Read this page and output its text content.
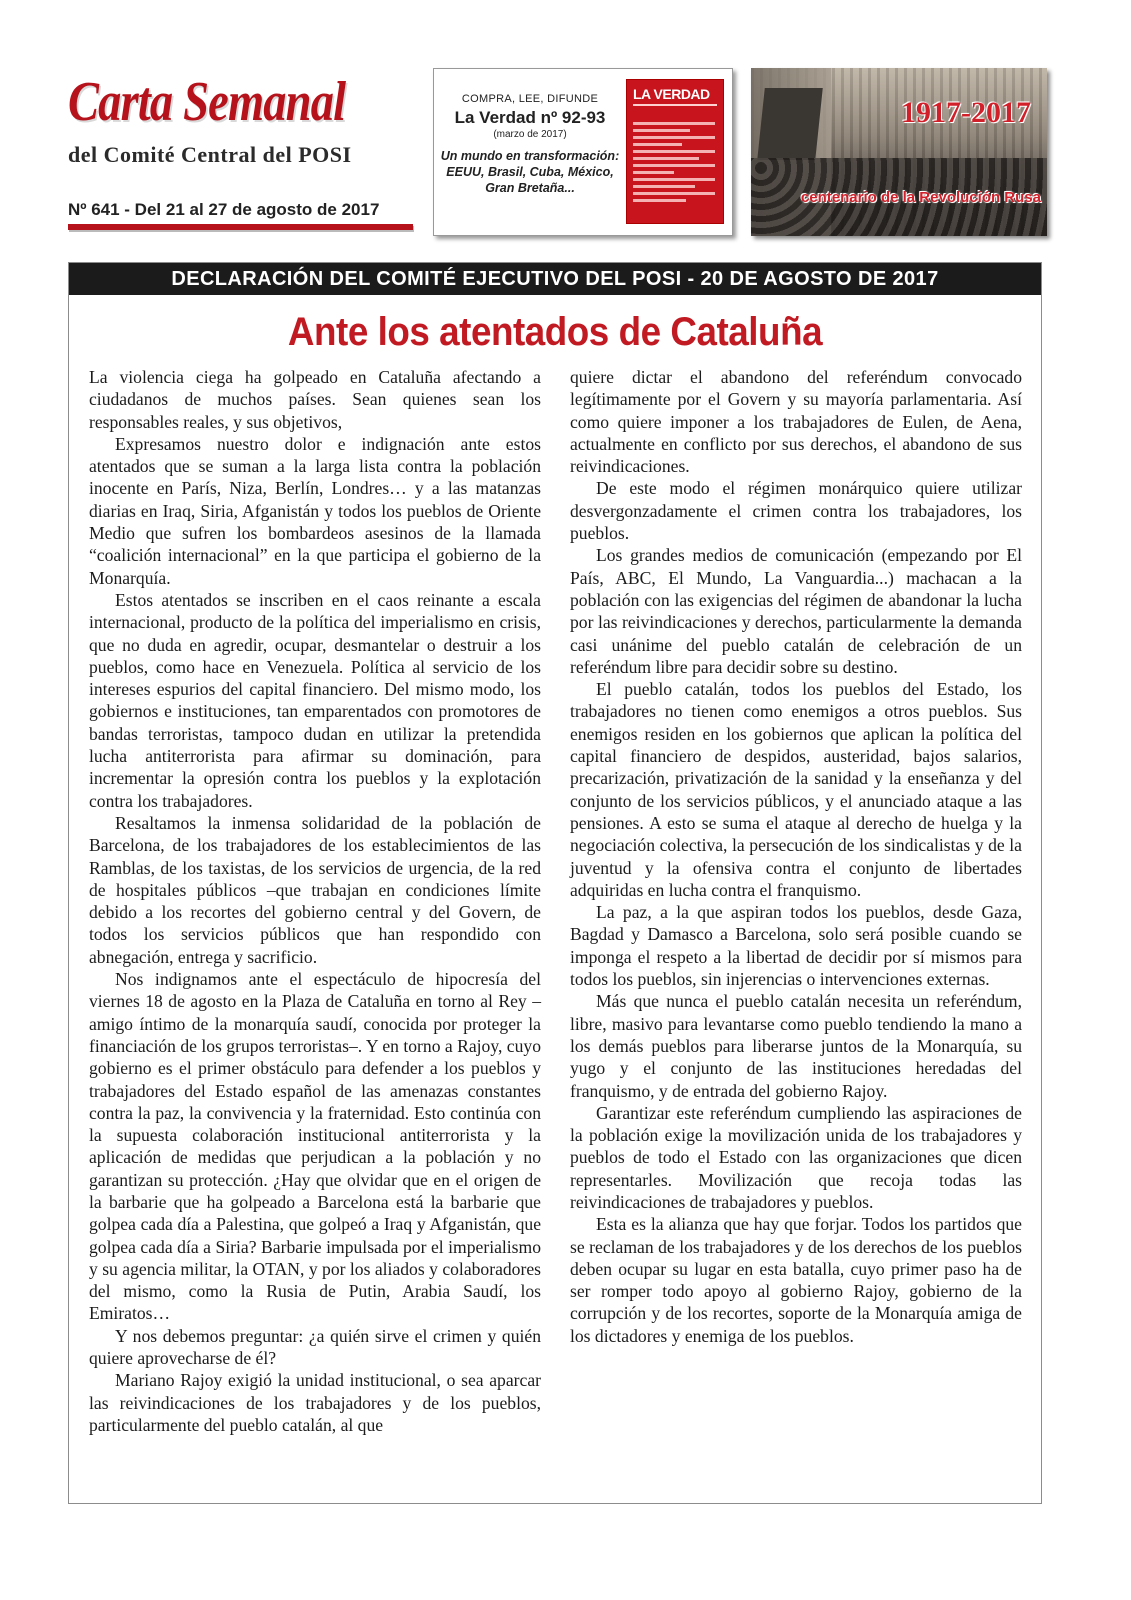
Carta Semanal
del Comité Central del POSI
Nº 641 - Del 21 al 27 de agosto de 2017
COMPRA, LEE, DIFUNDE
La Verdad nº 92-93
(marzo de 2017)
Un mundo en transformación: EEUU, Brasil, Cuba, México, Gran Bretaña...
LA VERDAD
1917-2017
centenario de la Revolución Rusa
DECLARACIÓN DEL COMITÉ EJECUTIVO DEL POSI - 20 DE AGOSTO DE 2017
Ante los atentados de Cataluña

La violencia ciega ha golpeado en Cataluña afectando a ciudadanos de muchos países. Sean quienes sean los responsables reales, y sus objetivos,

Expresamos nuestro dolor e indignación ante estos atentados que se suman a la larga lista contra la población inocente en París, Niza, Berlín, Londres… y a las matanzas diarias en Iraq, Siria, Afganistán y todos los pueblos de Oriente Medio que sufren los bombardeos asesinos de la llamada “coalición internacional” en la que participa el gobierno de la Monarquía.

Estos atentados se inscriben en el caos reinante a escala internacional, producto de la política del imperialismo en crisis, que no duda en agredir, ocupar, desmantelar o destruir a los pueblos, como hace en Venezuela. Política al servicio de los intereses espurios del capital financiero. Del mismo modo, los gobiernos e instituciones, tan emparentados con promotores de bandas terroristas, tampoco dudan en utilizar la pretendida lucha antiterrorista para afirmar su dominación, para incrementar la opresión contra los pueblos y la explotación contra los trabajadores.

Resaltamos la inmensa solidaridad de la población de Barcelona, de los trabajadores de los establecimientos de las Ramblas, de los taxistas, de los servicios de urgencia, de la red de hospitales públicos –que trabajan en condiciones límite debido a los recortes del gobierno central y del Govern, de todos los servicios públicos que han respondido con abnegación, entrega y sacrificio.

Nos indignamos ante el espectáculo de hipocresía del viernes 18 de agosto en la Plaza de Cataluña en torno al Rey –amigo íntimo de la monarquía saudí, conocida por proteger la financiación de los grupos terroristas–. Y en torno a Rajoy, cuyo gobierno es el primer obstáculo para defender a los pueblos y trabajadores del Estado español de las amenazas constantes contra la paz, la convivencia y la fraternidad. Esto continúa con la supuesta colaboración institucional antiterrorista y la aplicación de medidas que perjudican a la población y no garantizan su protección. ¿Hay que olvidar que en el origen de la barbarie que ha golpeado a Barcelona está la barbarie que golpea cada día a Palestina, que golpeó a Iraq y Afganistán, que golpea cada día a Siria? Barbarie impulsada por el imperialismo y su agencia militar, la OTAN, y por los aliados y colaboradores del mismo, como la Rusia de Putin, Arabia Saudí, los Emiratos…

Y nos debemos preguntar: ¿a quién sirve el crimen y quién quiere aprovecharse de él?

Mariano Rajoy exigió la unidad institucional, o sea aparcar las reivindicaciones de los trabajadores y de los pueblos, particularmente del pueblo catalán, al que

quiere dictar el abandono del referéndum convocado legítimamente por el Govern y su mayoría parlamentaria. Así como quiere imponer a los trabajadores de Eulen, de Aena, actualmente en conflicto por sus derechos, el abandono de sus reivindicaciones.

De este modo el régimen monárquico quiere utilizar desvergonzadamente el crimen contra los trabajadores, los pueblos.

Los grandes medios de comunicación (empezando por El País, ABC, El Mundo, La Vanguardia...) machacan a la población con las exigencias del régimen de abandonar la lucha por las reivindicaciones y derechos, particularmente la demanda casi unánime del pueblo catalán de celebración de un referéndum libre para decidir sobre su destino.

El pueblo catalán, todos los pueblos del Estado, los trabajadores no tienen como enemigos a otros pueblos. Sus enemigos residen en los gobiernos que aplican la política del capital financiero de despidos, austeridad, bajos salarios, precarización, privatización de la sanidad y la enseñanza y del conjunto de los servicios públicos, y el anunciado ataque a las pensiones. A esto se suma el ataque al derecho de huelga y la negociación colectiva, la persecución de los sindicalistas y de la juventud y la ofensiva contra el conjunto de libertades adquiridas en lucha contra el franquismo.

La paz, a la que aspiran todos los pueblos, desde Gaza, Bagdad y Damasco a Barcelona, solo será posible cuando se imponga el respeto a la libertad de decidir por sí mismos para todos los pueblos, sin injerencias o intervenciones externas.

Más que nunca el pueblo catalán necesita un referéndum, libre, masivo para levantarse como pueblo tendiendo la mano a los demás pueblos para liberarse juntos de la Monarquía, su yugo y el conjunto de las instituciones heredadas del franquismo, y de entrada del gobierno Rajoy.

Garantizar este referéndum cumpliendo las aspiraciones de la población exige la movilización unida de los trabajadores y pueblos de todo el Estado con las organizaciones que dicen representarles. Movilización que recoja todas las reivindicaciones de trabajadores y pueblos.

Esta es la alianza que hay que forjar. Todos los partidos que se reclaman de los trabajadores y de los derechos de los pueblos deben ocupar su lugar en esta batalla, cuyo primer paso ha de ser romper todo apoyo al gobierno Rajoy, gobierno de la corrupción y de los recortes, soporte de la Monarquía amiga de los dictadores y enemiga de los pueblos.
